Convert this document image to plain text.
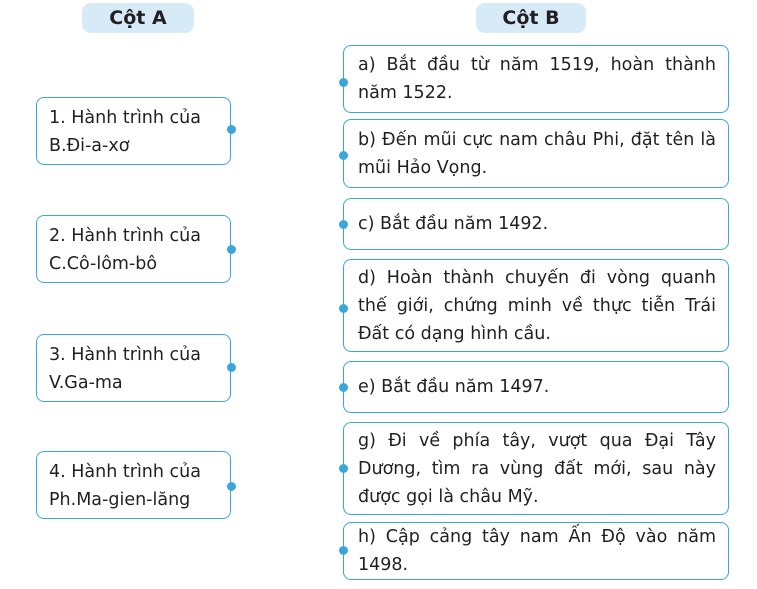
Cột A	Cột B
1. Hành trình của
B.Đi-a-xơ
2. Hành trình của
C.Cô-lôm-bô
3. Hành trình của
V.Ga-ma
4. Hành trình của
Ph.Ma-gien-lăng
a) Bắt đầu từ năm 1519, hoàn thành năm 1522.
b) Đến mũi cực nam châu Phi, đặt tên là mũi Hảo Vọng.
c) Bắt đầu năm 1492.
d) Hoàn thành chuyến đi vòng quanh thế giới, chứng minh về thực tiễn Trái Đất có dạng hình cầu.
e) Bắt đầu năm 1497.
g) Đi về phía tây, vượt qua Đại Tây Dương, tìm ra vùng đất mới, sau này được gọi là châu Mỹ.
h) Cập cảng tây nam Ấn Độ vào năm 1498.
